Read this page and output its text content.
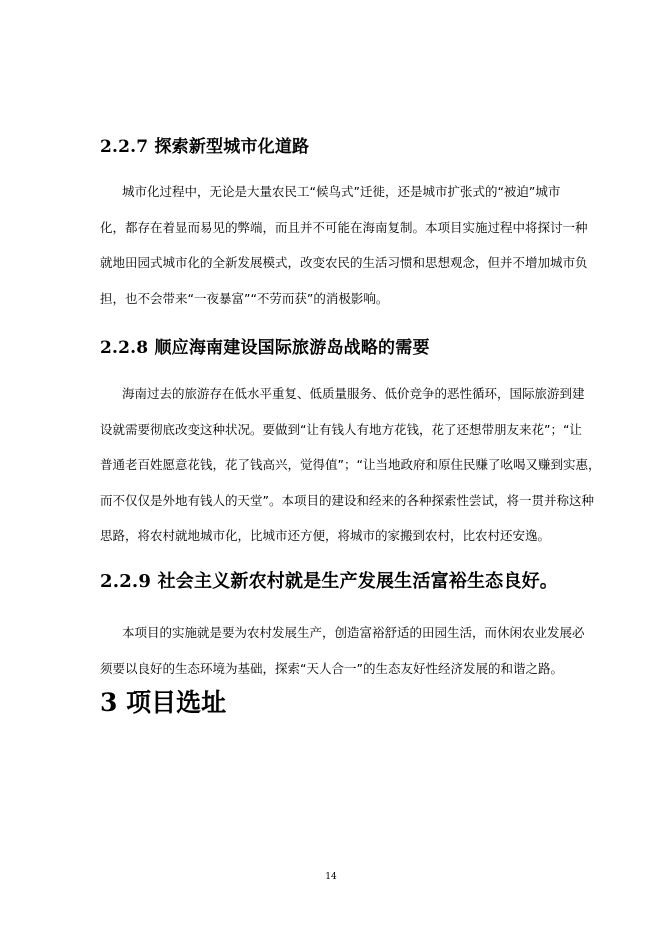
2.2.7 探索新型城市化道路
城市化过程中，无论是大量农民工“候鸟式”迁徙，还是城市扩张式的“被迫”城市
化，都存在着显而易见的弊端，而且并不可能在海南复制。本项目实施过程中将探讨一种
就地田园式城市化的全新发展模式，改变农民的生活习惯和思想观念，但并不增加城市负
担，也不会带来“一夜暴富”“不劳而获”的消极影响。
2.2.8 顺应海南建设国际旅游岛战略的需要
海南过去的旅游存在低水平重复、低质量服务、低价竞争的恶性循环，国际旅游到建
设就需要彻底改变这种状况。要做到“让有钱人有地方花钱，花了还想带朋友来花”；“让
普通老百姓愿意花钱，花了钱高兴，觉得值”；“让当地政府和原住民赚了吆喝又赚到实惠，
而不仅仅是外地有钱人的天堂”。本项目的建设和经来的各种探索性尝试，将一贯并称这种
思路，将农村就地城市化，比城市还方便，将城市的家搬到农村，比农村还安逸。
2.2.9 社会主义新农村就是生产发展生活富裕生态良好。
本项目的实施就是要为农村发展生产，创造富裕舒适的田园生活，而休闲农业发展必
须要以良好的生态环境为基础，探索“天人合一”的生态友好性经济发展的和谐之路。
3 项目选址
14
